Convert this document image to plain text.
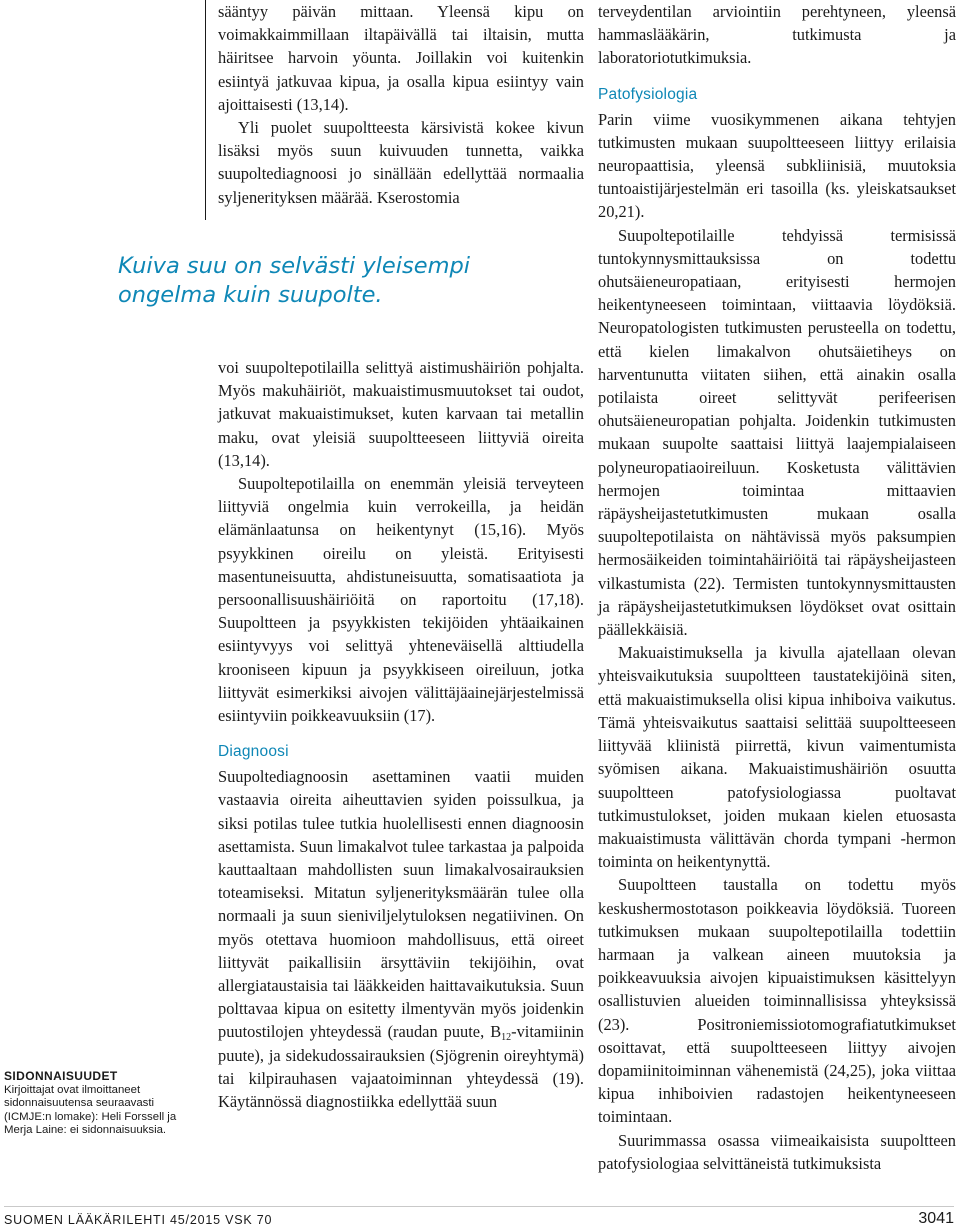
sääntyy päivän mittaan. Yleensä kipu on voimakkaimmillaan iltapäivällä tai iltaisin, mutta häiritsee harvoin yöunta. Joillakin voi kuitenkin esiintyä jatkuvaa kipua, ja osalla kipua esiintyy vain ajoittaisesti (13,14).

Yli puolet suupoltteesta kärsivistä kokee kivun lisäksi myös suun kuivuuden tunnetta, vaikka suupoltediagnoosi jo sinällään edellyttää normaalia syljenerityksen määrää. Kserostomia

Kuiva suu on selvästi yleisempi ongelma kuin suupolte.

voi suupoltepotilailla selittyä aistimushäiriön pohjalta. Myös makuhäiriöt, makuaistimusmuutokset tai oudot, jatkuvat makuaistimukset, kuten karvaan tai metallin maku, ovat yleisiä suupoltteeseen liittyviä oireita (13,14).

Suupoltepotilailla on enemmän yleisiä terveyteen liittyviä ongelmia kuin verrokeilla, ja heidän elämänlaatunsa on heikentynyt (15,16). Myös psyykkinen oireilu on yleistä. Erityisesti masentuneisuutta, ahdistuneisuutta, somatisaatiota ja persoonallisuushäiriöitä on raportoitu (17,18). Suupoltteen ja psyykkisten tekijöiden yhtäaikainen esiintyvyys voi selittyä yhteneväisellä alttiudella krooniseen kipuun ja psyykkiseen oireiluun, jotka liittyvät esimerkiksi aivojen välittäjäainejärjestelmissä esiintyviin poikkeavuuksiin (17).

Diagnoosi

Suupoltediagnoosin asettaminen vaatii muiden vastaavia oireita aiheuttavien syiden poissulkua, ja siksi potilas tulee tutkia huolellisesti ennen diagnoosin asettamista. Suun limakalvot tulee tarkastaa ja palpoida kauttaaltaan mahdollisten suun limakalvosairauksien toteamiseksi. Mitatun syljenerityksmäärän tulee olla normaali ja suun sieniviljelytuloksen negatiivinen. On myös otettava huomioon mahdollisuus, että oireet liittyvät paikallisiin ärsyttäviin tekijöihin, ovat allergiataustaisia tai lääkkeiden haittavaikutuksia. Suun polttavaa kipua on esitetty ilmentyvän myös joidenkin puutostilojen yhteydessä (raudan puute, $B_{12}$-vitamiinin puute), ja sidekudossairauksien (Sjögrenin oireyhtymä) tai kilpirauhasen vajaatoiminnan yhteydessä (19). Käytännössä diagnostiikka edellyttää suun

terveydentilan arviointiin perehtyneen, yleensä hammaslääkärin, tutkimusta ja laboratoriotutkimuksia.

Patofysiologia

Parin viime vuosikymmenen aikana tehtyjen tutkimusten mukaan suupoltteeseen liittyy erilaisia neuropaattisia, yleensä subkliinisiä, muutoksia tuntoaistijärjestelmän eri tasoilla (ks. yleiskatsaukset 20,21).

Suupoltepotilaille tehdyissä termisissä tuntokynnysmittauksissa on todettu ohutsäieneuropatiaan, erityisesti hermojen heikentyneeseen toimintaan, viittaavia löydöksiä. Neuropatologisten tutkimusten perusteella on todettu, että kielen limakalvon ohutsäietiheys on harventunutta viitaten siihen, että ainakin osalla potilaista oireet selittyvät perifeerisen ohutsäieneuropatian pohjalta. Joidenkin tutkimusten mukaan suupolte saattaisi liittyä laajempialaiseen polyneuropatiaoireiluun. Kosketusta välittävien hermojen toimintaa mittaavien räpäysheijastetutkimusten mukaan osalla suupoltepotilaista on nähtävissä myös paksumpien hermosäikeiden toimintahäiriöitä tai räpäysheijasteen vilkastumista (22). Termisten tuntokynnysmittausten ja räpäysheijastetutkimuksen löydökset ovat osittain päällekkäisiä.

Makuaistimuksella ja kivulla ajatellaan olevan yhteisvaikutuksia suupoltteen taustatekijöinä siten, että makuaistimuksella olisi kipua inhiboiva vaikutus. Tämä yhteisvaikutus saattaisi selittää suupoltteeseen liittyvää kliinistä piirrettä, kivun vaimentumista syömisen aikana. Makuaistimushäiriön osuutta suupoltteen patofysiologiassa puoltavat tutkimustulokset, joiden mukaan kielen etuosasta makuaistimusta välittävän chorda tympani -hermon toiminta on heikentynyttä.

Suupoltteen taustalla on todettu myös keskushermostotason poikkeavia löydöksiä. Tuoreen tutkimuksen mukaan suupoltepotilailla todettiin harmaan ja valkean aineen muutoksia ja poikkeavuuksia aivojen kipuaistimuksen käsittelyyn osallistuvien alueiden toiminnallisissa yhteyksissä (23). Positroniemissiotomografiatutkimukset osoittavat, että suupoltteeseen liittyy aivojen dopamiinitoiminnan vähenemistä (24,25), joka viittaa kipua inhiboivien radastojen heikentyneeseen toimintaan.

Suurimmassa osassa viimeaikaisista suupoltteen patofysiologiaa selvittäneistä tutkimuksista

SIDONNAISUUDET
Kirjoittajat ovat ilmoittaneet sidonnaisuutensa seuraavasti (ICMJE:n lomake): Heli Forssell ja Merja Laine: ei sidonnaisuuksia.
SUOMEN LÄÄKÄRILEHTI 45/2015 VSK 70	3041
